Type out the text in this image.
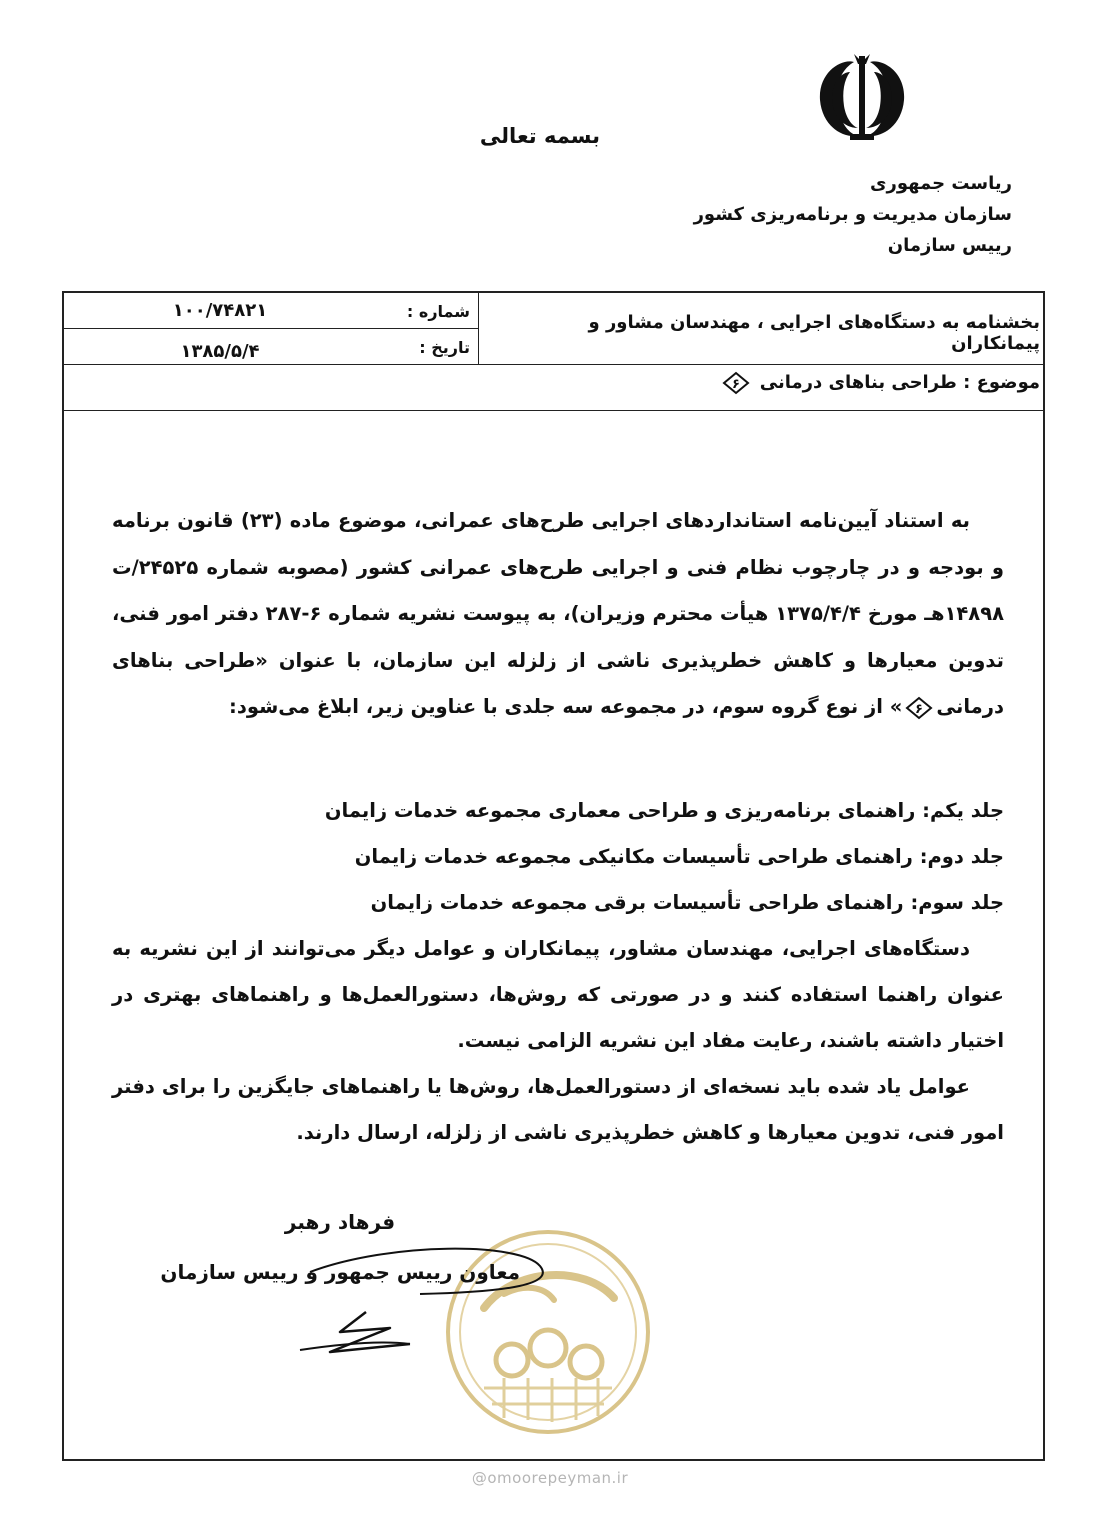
بسمه تعالی
ریاست جمهوری
سازمان مدیریت و برنامه‌ریزی کشور
رییس سازمان
بخشنامه به دستگاه‌های اجرایی ، مهندسان مشاور و پیمانکاران
شماره :
۱۰۰/۷۴۸۲۱
تاریخ :
۱۳۸۵/۵/۴
موضوع : طراحی بناهای درمانی
۶

به استناد آیین‌نامه استانداردهای اجرایی طرح‌های عمرانی، موضوع ماده (۲۳) قانون برنامه و بودجه و در چارچوب نظام فنی و اجرایی طرح‌های عمرانی کشور (مصوبه شماره ۲۴۵۲۵/ت ۱۴۸۹۸هـ مورخ ۱۳۷۵/۴/۴ هیأت محترم وزیران)، به پیوست نشریه شماره ۶-۲۸۷ دفتر امور فنی، تدوین معیارها و کاهش خطرپذیری ناشی از زلزله این سازمان، با عنوان «طراحی بناهای درمانی
۶
» از نوع گروه سوم، در مجموعه سه جلدی با عناوین زیر، ابلاغ می‌شود:

جلد یکم: راهنمای برنامه‌ریزی و طراحی معماری مجموعه خدمات زایمان
جلد دوم: راهنمای طراحی تأسیسات مکانیکی مجموعه خدمات زایمان
جلد سوم: راهنمای طراحی تأسیسات برقی مجموعه خدمات زایمان

دستگاه‌های اجرایی، مهندسان مشاور، پیمانکاران و عوامل دیگر می‌توانند از این نشریه به عنوان راهنما استفاده کنند و در صورتی که روش‌ها، دستورالعمل‌ها و راهنماهای بهتری در اختیار داشته باشند، رعایت مفاد این نشریه الزامی نیست.

عوامل یاد شده باید نسخه‌ای از دستورالعمل‌ها، روش‌ها یا راهنماهای جایگزین را برای دفتر امور فنی، تدوین معیارها و کاهش خطرپذیری ناشی از زلزله، ارسال دارند.

فرهاد رهبر
معاون رییس جمهور و رییس سازمان
@omoorepeyman.ir
